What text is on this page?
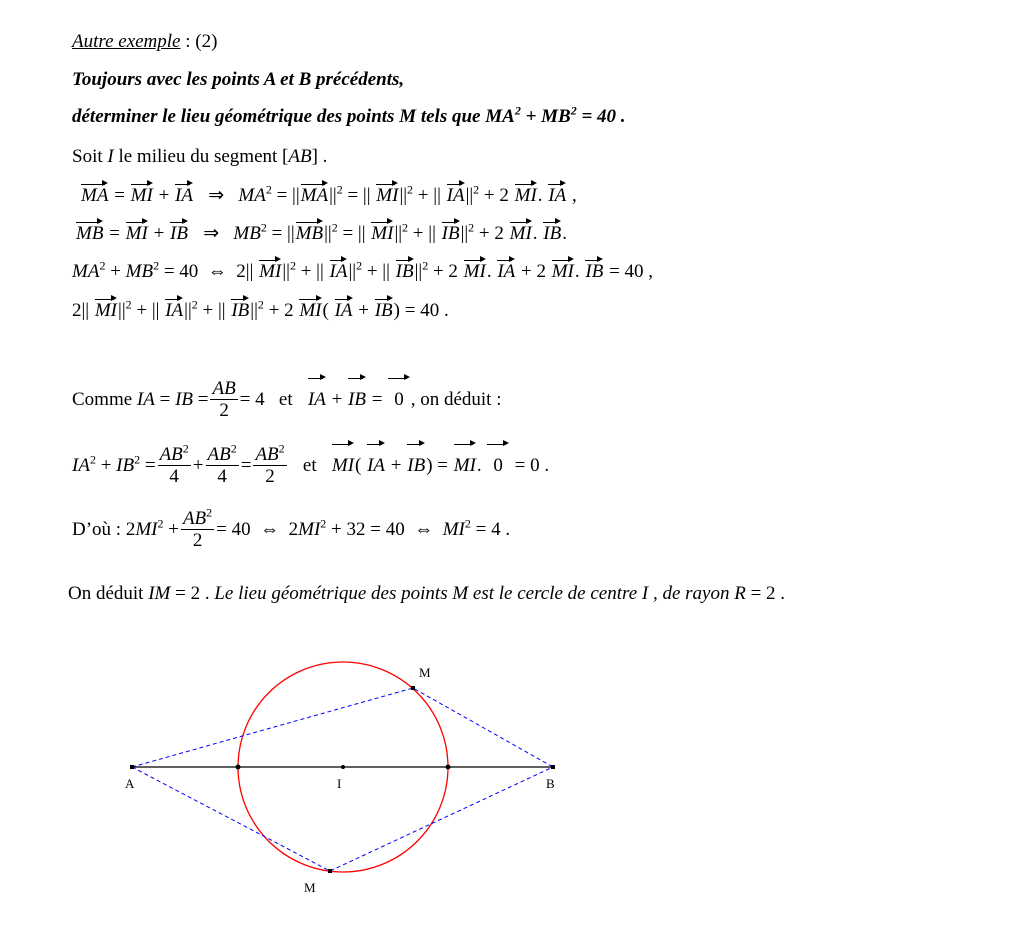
Autre exemple : (2)
Toujours avec les points A et B précédents,
déterminer le lieu géométrique des points M tels que $MA^2 + MB^2 = 40$ .
Soit I le milieu du segment [AB] .
MA = MI + IA   ⇒   $MA^2 = ||MA||^2$ = || $MI||^2$ + || $IA||^2 + 2$ MI. IA ,
MB = MI + IB   ⇒   $MB^2 = ||MB||^2$ = || $MI||^2$ + || $IB||^2 + 2$ MI. IB.
$MA^2 + MB^2 = 40$  ⇔  2|| $MI||^2$ + || $IA||^2$ + || $IB||^2 + 2$ MI. IA + 2 MI. IB = 40 ,
2|| $MI||^2$ + || $IA||^2$ + || $IB||^2 + 2$ MI( IA + IB) = 40 .
Comme IA = IB = $\frac{AB}{2} = 4$   et IA + IB = 0 , on déduit :
$IA^2 + IB^2 = \frac{AB^2}{4} + \frac{AB^2}{4} = \frac{AB^2}{2}$ et MI( IA + IB) = MI. 0 = 0 .
D’où : $2MI^2 + \frac{AB^2}{2} = 40$  ⇔  $2MI^2 + 32 = 40$  ⇔  $MI^2 = 4$ .
On déduit IM = 2 . Le lieu géométrique des points M est le cercle de centre I , de rayon R = 2 .
A	B
I
M
M
